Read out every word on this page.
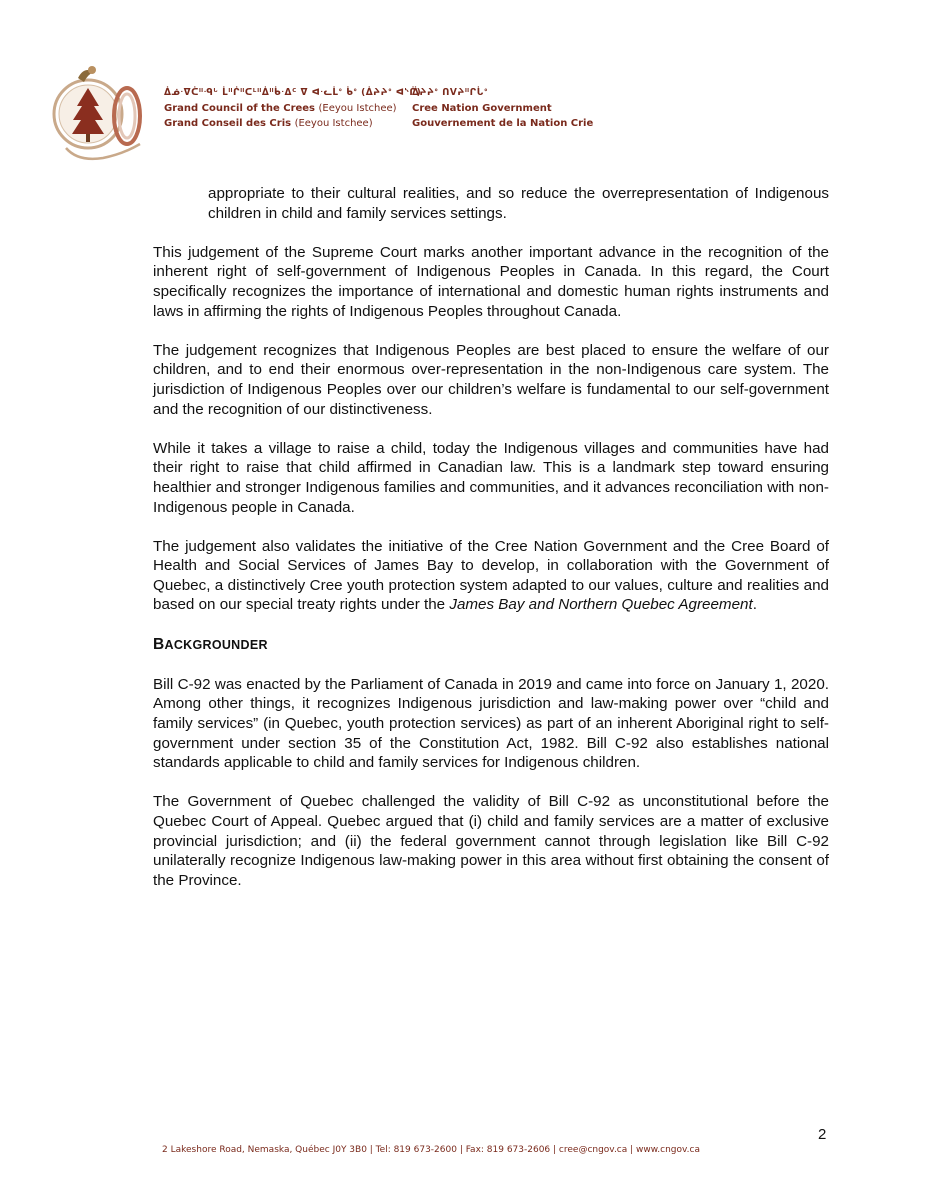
ᐄᓅᐧᐁᑖᐦᑴᒡ ᒫᐦᒌᐦᑕᒻᐦᐄᐦᑳᐧᐃᑦ ᐁ ᐊᐧᓚᒫᐤ ᑳᐤ (ᐄᔨᔨᐤ ᐊᔅᒌ)
Grand Council of the Crees (Eeyou Istchee)
Grand Conseil des Cris (Eeyou Istchee)
ᐄᔨᔨᐤ ᑎᐯᔨᐦᒋᒑᐤ
Cree Nation Government
Gouvernement de la Nation Crie

appropriate to their cultural realities, and so reduce the overrepresentation of Indigenous children in child and family services settings.

This judgement of the Supreme Court marks another important advance in the recognition of the inherent right of self-government of Indigenous Peoples in Canada. In this regard, the Court specifically recognizes the importance of international and domestic human rights instruments and laws in affirming the rights of Indigenous Peoples throughout Canada.

The judgement recognizes that Indigenous Peoples are best placed to ensure the welfare of our children, and to end their enormous over-representation in the non-Indigenous care system. The jurisdiction of Indigenous Peoples over our children’s welfare is fundamental to our self-government and the recognition of our distinctiveness.

While it takes a village to raise a child, today the Indigenous villages and communities have had their right to raise that child affirmed in Canadian law. This is a landmark step toward ensuring healthier and stronger Indigenous families and communities, and it advances reconciliation with non-Indigenous people in Canada.

The judgement also validates the initiative of the Cree Nation Government and the Cree Board of Health and Social Services of James Bay to develop, in collaboration with the Government of Quebec, a distinctively Cree youth protection system adapted to our values, culture and realities and based on our special treaty rights under the James Bay and Northern Quebec Agreement.

BACKGROUNDER

Bill C-92 was enacted by the Parliament of Canada in 2019 and came into force on January 1, 2020. Among other things, it recognizes Indigenous jurisdiction and law-making power over “child and family services” (in Quebec, youth protection services) as part of an inherent Aboriginal right to self-government under section 35 of the Constitution Act, 1982. Bill C-92 also establishes national standards applicable to child and family services for Indigenous children.

The Government of Quebec challenged the validity of Bill C-92 as unconstitutional before the Quebec Court of Appeal. Quebec argued that (i) child and family services are a matter of exclusive provincial jurisdiction; and (ii) the federal government cannot through legislation like Bill C-92 unilaterally recognize Indigenous law-making power in this area without first obtaining the consent of the Province.

2
2 Lakeshore Road, Nemaska, Québec J0Y 3B0 | Tel: 819 673-2600 | Fax: 819 673-2606 | cree@cngov.ca | www.cngov.ca
